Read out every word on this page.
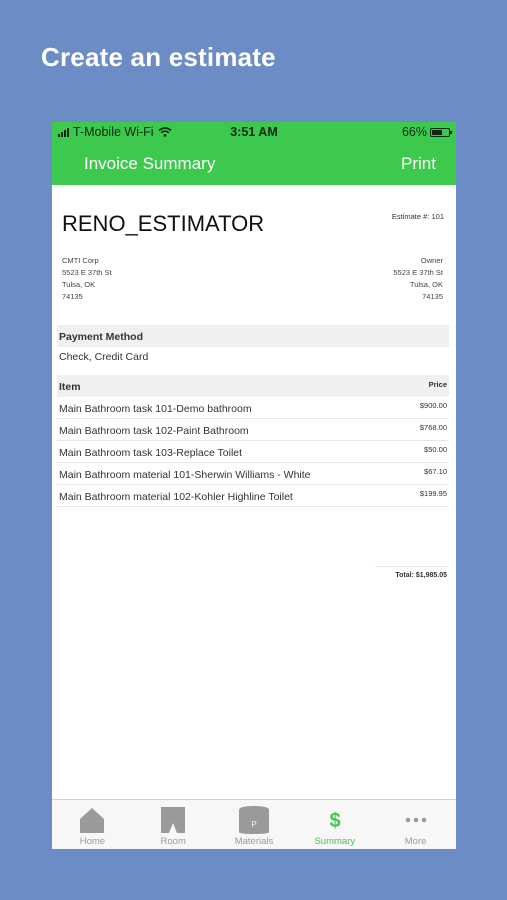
Create an estimate
T-Mobile Wi-Fi	3:51 AM	66%
Invoice Summary	Print
RENO_ESTIMATOR	Estimate #: 101
CMTI Corp
5523 E 37th St
Tulsa, OK
74135
Owner
5523 E 37th St
Tulsa, OK
74135
Payment Method
Check, Credit Card
Item	Price
Main Bathroom task 101-Demo bathroom	$900.00
Main Bathroom task 102-Paint Bathroom	$768.00
Main Bathroom task 103-Replace Toilet	$50.00
Main Bathroom material 101-Sherwin Williams - White	$67.10
Main Bathroom material 102-Kohler Highline Toilet	$199.95
Total: $1,985.05
Home	Room
P
Materials
$
Summary	More
